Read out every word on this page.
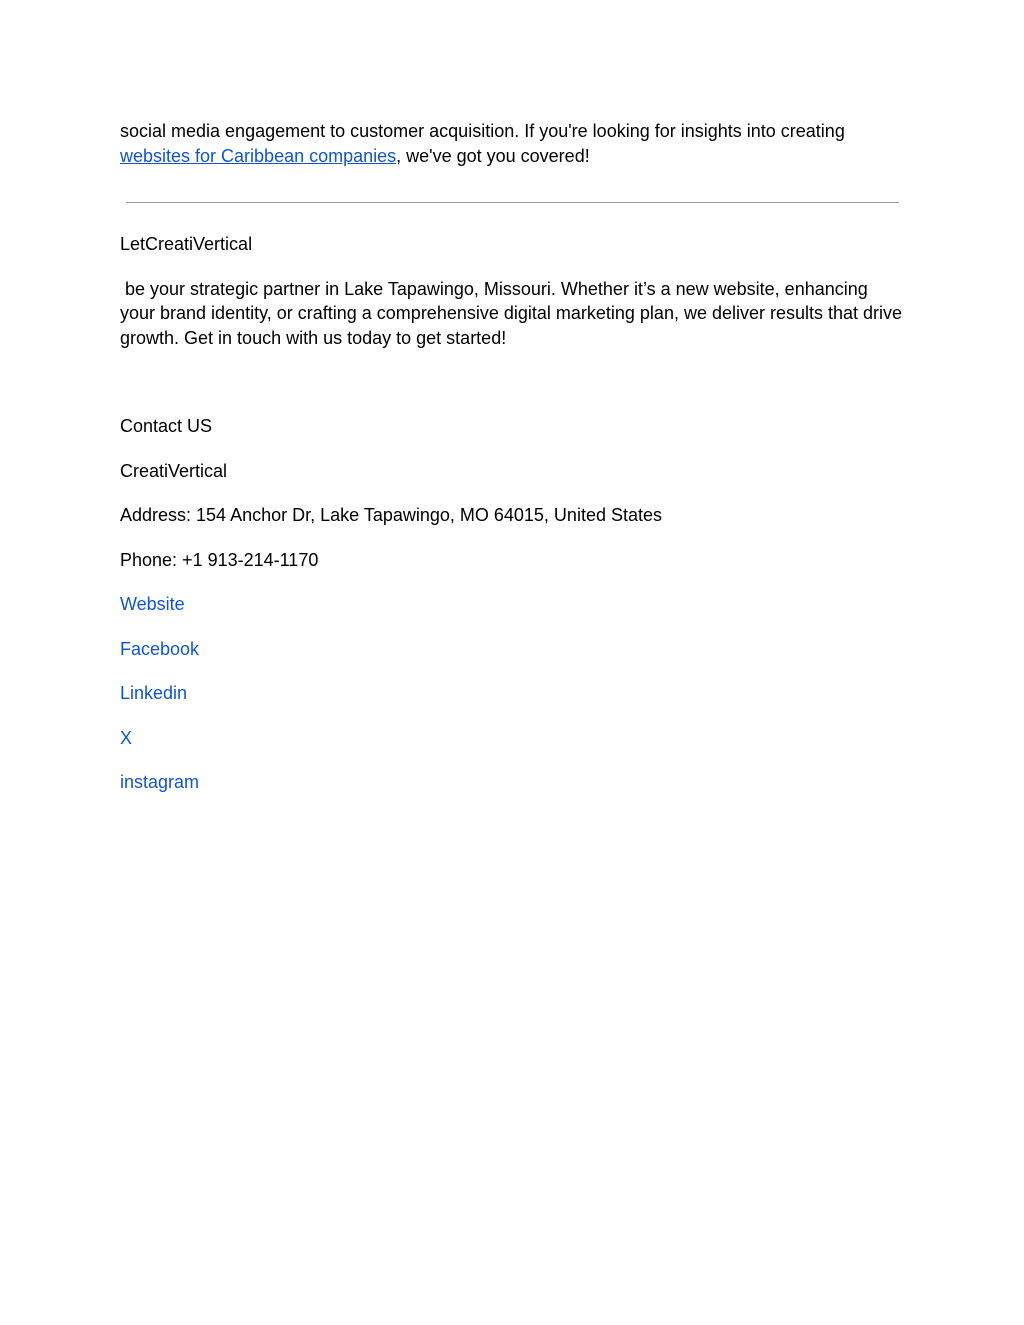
social media engagement to customer acquisition. If you're looking for insights into creating websites for Caribbean companies, we've got you covered!

LetCreatiVertical

be your strategic partner in Lake Tapawingo, Missouri. Whether it’s a new website, enhancing your brand identity, or crafting a comprehensive digital marketing plan, we deliver results that drive growth. Get in touch with us today to get started!

Contact US

CreatiVertical

Address: 154 Anchor Dr, Lake Tapawingo, MO 64015, United States

Phone: +1 913-214-1170

Website

Facebook

Linkedin

X

instagram
